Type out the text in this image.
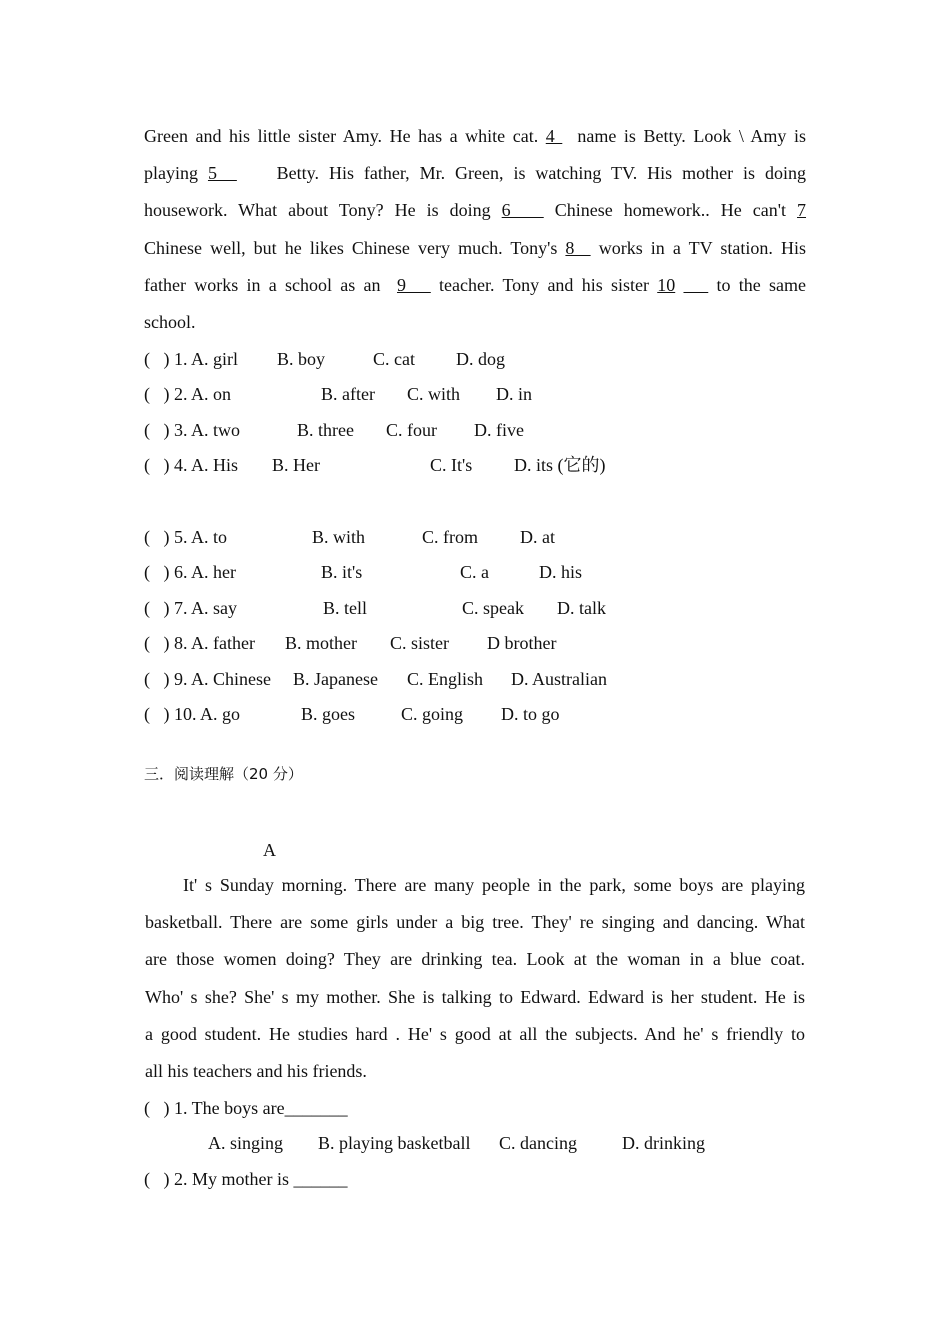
Green and his little sister Amy. He has a white cat. 4   name is Betty. Look \ Amy is
playing 5      Betty. His father, Mr. Green, is watching TV. His mother is doing
housework. What about Tony? He is doing 6    Chinese homework.. He can't 7
Chinese well, but he likes Chinese very much. Tony's 8   works in a TV station. His
father works in a school as an  9    teacher. Tony and his sister 10     to the same
school.
(   ) 1. A. girl B. boy	C. cat D. dog
(   ) 2. A. on	B. after C. with D. in
(   ) 3. A. two	B. three C. four D. five
(   ) 4. A. His B. Her	C. It's D. its (它的)
(   ) 5. A. to	B. with	C. from D. at
(   ) 6. A. her	B. it's	C. a	D. his
(   ) 7. A. say	B. tell	C. speak D. talk
(   ) 8. A. father B. mother C. sister D brother
(   ) 9. A. Chinese B. Japanese C. English D. Australian
(   ) 10. A. go	B. goes	C. going D. to go
三．阅读理解（20 分）
A
It' s Sunday morning. There are many people in the park, some boys are playing
basketball. There are some girls under a big tree. They' re singing and dancing. What
are those women doing? They are drinking tea. Look at the woman in a blue coat.
Who' s she? She' s my mother. She is talking to Edward. Edward is her student. He is
a good student. He studies hard . He' s good at all the subjects. And he' s friendly to
all his teachers and his friends.

(   ) 1. The boys are_______

A. singing

B. playing basketball

C. dancing

	D. drinking

(   ) 2. My mother is ______
